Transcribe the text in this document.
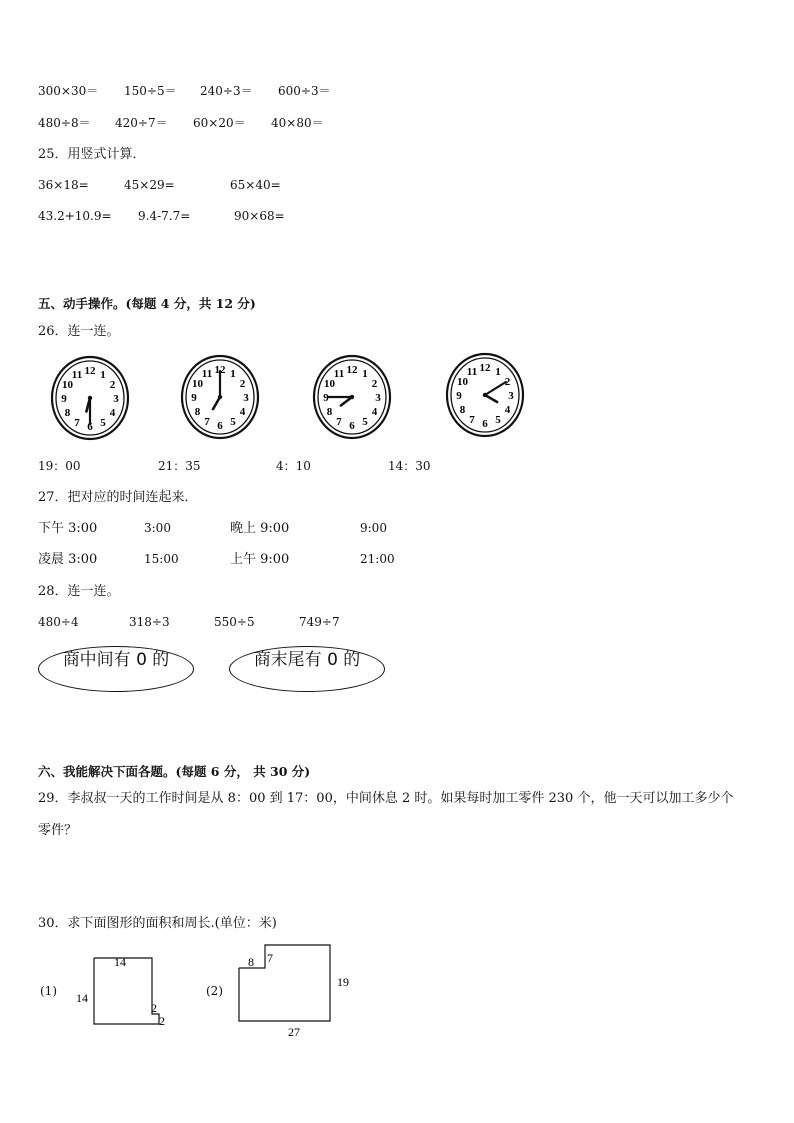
300×30＝ 150÷5＝ 240÷3＝ 600÷3＝
480÷8＝ 420÷7＝ 60×20＝ 40×80＝
25．用竖式计算．
36×18=	45×29=	65×40=
43.2+10.9= 9.4-7.7=	90×68=
五、动手操作。(每题 4 分，共 12 分)
26．连一连。
12 1
2
3
4
5
6
7
8
9
10
11	12 1
2
3
4
5
6
7
8
9
10
11	12 1
2
3
4
5
6
7
8
9
10
11	12 1
2
3
4
5
6
7
8
9
10
11
19：00	21：35	4：10	14：30
27．把对应的时间连起来．
下午 3:00	3:00	晚上 9:00	9:00
凌晨 3:00	15:00	上午 9:00	21:00
28．连一连。
480÷4	318÷3	550÷5	749÷7
商中间有 0 的	商末尾有 0 的
六、我能解决下面各题。(每题 6 分， 共 30 分)
29．李叔叔一天的工作时间是从 8：00 到 17：00，中间休息 2 时。如果每时加工零件 230 个，他一天可以加工多少个
零件？
30．求下面图形的面积和周长.(单位：米)
(1)
14
14
2
2
(2)
8 7
19
27
